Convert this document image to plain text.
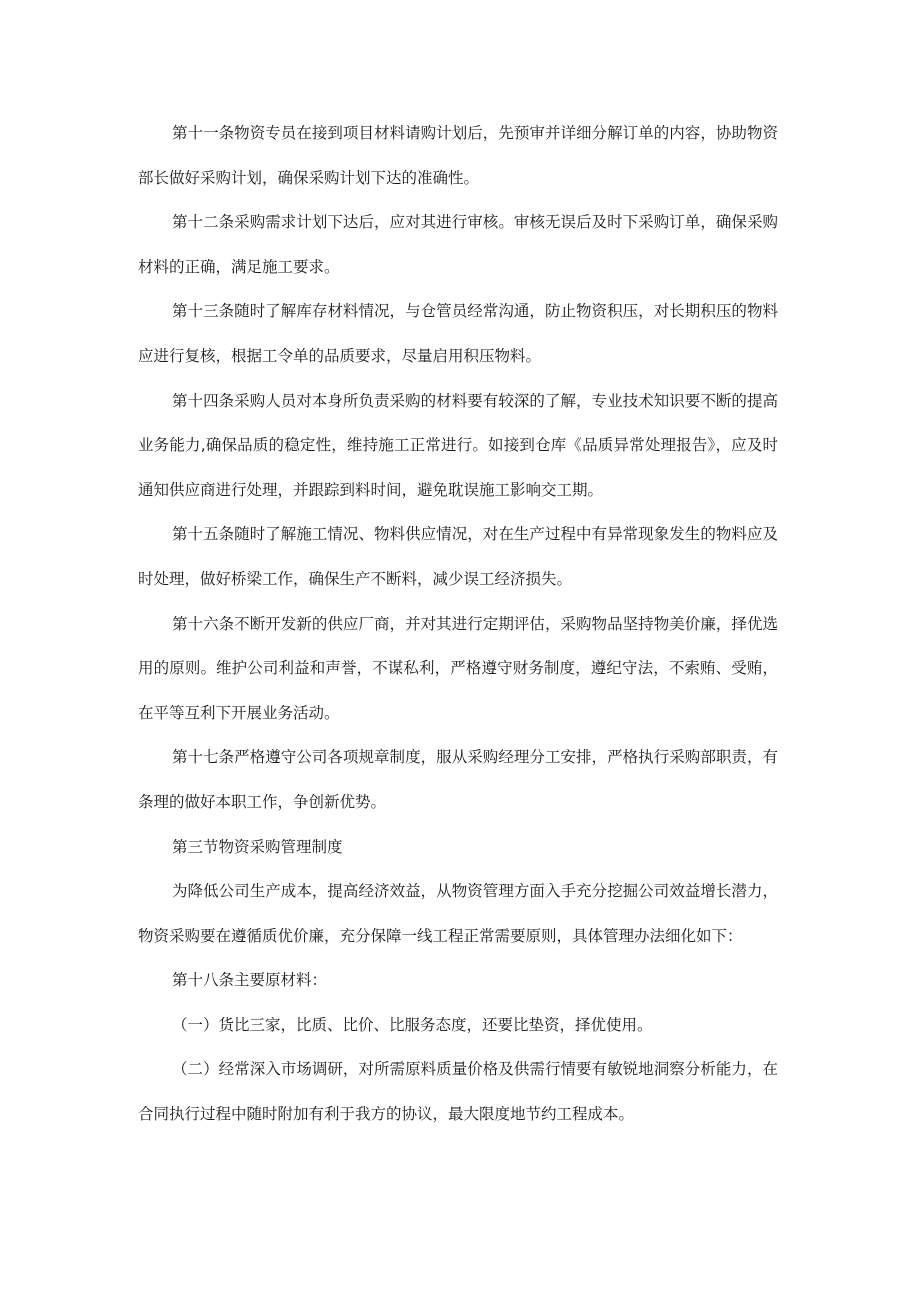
第十一条物资专员在接到项目材料请购计划后，先预审并详细分解订单的内容，协助物资部长做好采购计划，确保采购计划下达的准确性。

第十二条采购需求计划下达后，应对其进行审核。审核无误后及时下采购订单，确保采购材料的正确，满足施工要求。

第十三条随时了解库存材料情况，与仓管员经常沟通，防止物资积压，对长期积压的物料应进行复核，根据工令单的品质要求，尽量启用积压物料。

第十四条采购人员对本身所负责采购的材料要有较深的了解，专业技术知识要不断的提高业务能力,确保品质的稳定性，维持施工正常进行。如接到仓库《品质异常处理报告》，应及时通知供应商进行处理，并跟踪到料时间，避免耽误施工影响交工期。

第十五条随时了解施工情况、物料供应情况，对在生产过程中有异常现象发生的物料应及时处理，做好桥梁工作，确保生产不断料，减少误工经济损失。

第十六条不断开发新的供应厂商，并对其进行定期评估，采购物品坚持物美价廉，择优选用的原则。维护公司利益和声誉，不谋私利，严格遵守财务制度，遵纪守法，不索贿、受贿，在平等互利下开展业务活动。

第十七条严格遵守公司各项规章制度，服从采购经理分工安排，严格执行采购部职责，有条理的做好本职工作，争创新优势。

第三节物资采购管理制度

为降低公司生产成本，提高经济效益，从物资管理方面入手充分挖掘公司效益增长潜力，物资采购要在遵循质优价廉，充分保障一线工程正常需要原则，具体管理办法细化如下：

第十八条主要原材料：

（一）货比三家，比质、比价、比服务态度，还要比垫资，择优使用。

（二）经常深入市场调研，对所需原料质量价格及供需行情要有敏锐地洞察分析能力，在合同执行过程中随时附加有利于我方的协议，最大限度地节约工程成本。
